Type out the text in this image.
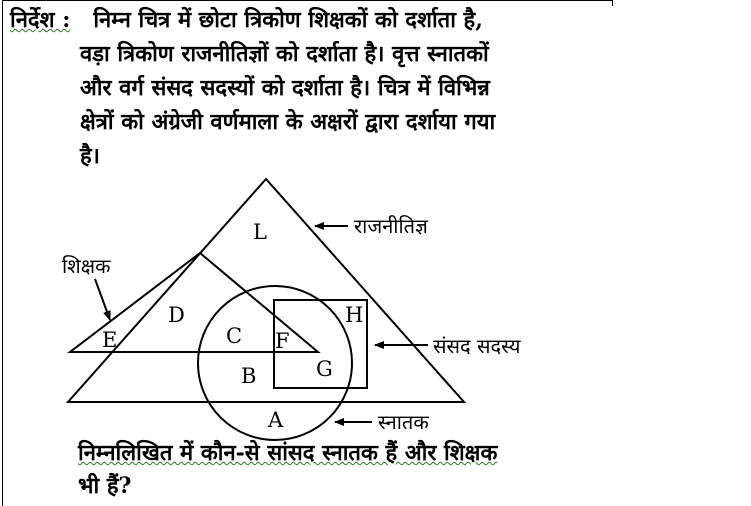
निर्देश : निम्न चित्र में छोटा त्रिकोण शिक्षकों को दर्शाता है,
वड़ा त्रिकोण राजनीतिज्ञों को दर्शाता है। वृत्त स्नातकों
और वर्ग संसद सदस्यों को दर्शाता है। चित्र में विभिन्न
क्षेत्रों को अंग्रेजी वर्णमाला के अक्षरों द्वारा दर्शाया गया
है।
राजनीतिज्ञ
शिक्षक
संसद सदस्य
स्नातक
L
D	H
E	C F
B	G
A
निम्नलिखित में कौन-से सांसद स्नातक हैं और शिक्षक
भी हैं?
